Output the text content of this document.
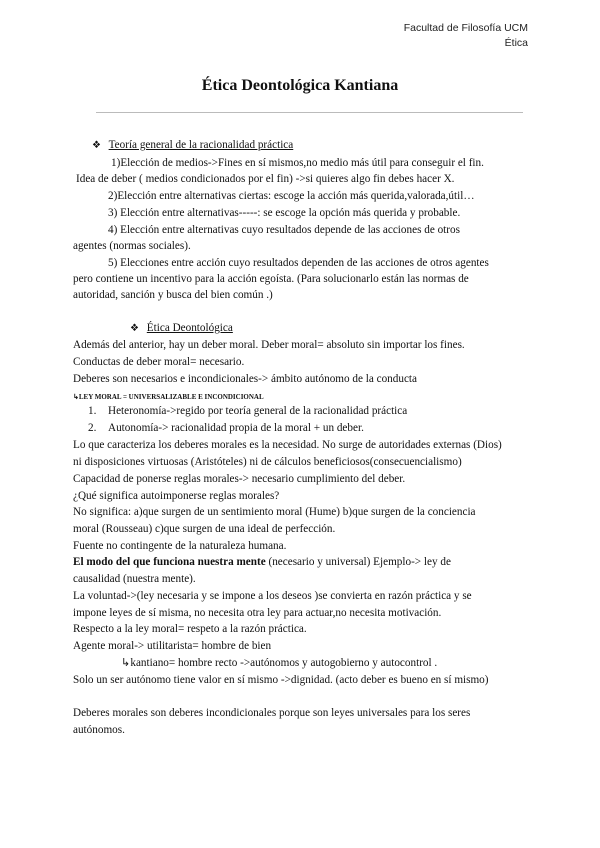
Facultad de Filosofía UCM
Ética
Ética Deontológica Kantiana
❖ Teoría general de la racionalidad práctica
1)Elección de medios->Fines en sí mismos,no medio más útil para conseguir el fin.
Idea de deber ( medios condicionados por el fin) ->si quieres algo fin debes hacer X.
2)Elección entre alternativas ciertas: escoge la acción más querida,valorada,útil…
3) Elección entre alternativas-----: se escoge la opción más querida y probable.
4) Elección entre alternativas cuyo resultados depende de las acciones de otros
agentes (normas sociales).
5) Elecciones entre acción cuyo resultados dependen de las acciones de otros agentes
pero contiene un incentivo para la acción egoísta. (Para solucionarlo están las normas de
autoridad, sanción y busca del bien común .)
❖ Ética Deontológica
Además del anterior, hay un deber moral. Deber moral= absoluto sin importar los fines.
Conductas de deber moral= necesario.
Deberes son necesarios e incondicionales-> ámbito autónomo de la conducta
↳LEY MORAL = UNIVERSALIZABLE E INCONDICIONAL
1. Heteronomía->regido por teoría general de la racionalidad práctica
2. Autonomía-> racionalidad propia de la moral + un deber.
Lo que caracteriza los deberes morales es la necesidad. No surge de autoridades externas (Dios)
ni disposiciones virtuosas (Aristóteles) ni de cálculos beneficiosos(consecuencialismo)
Capacidad de ponerse reglas morales-> necesario cumplimiento del deber.
¿Qué significa autoimponerse reglas morales?
No significa: a)que surgen de un sentimiento moral (Hume) b)que surgen de la conciencia
moral (Rousseau) c)que surgen de una ideal de perfección.
Fuente no contingente de la naturaleza humana.
El modo del que funciona nuestra mente (necesario y universal) Ejemplo-> ley de
causalidad (nuestra mente).
La voluntad->(ley necesaria y se impone a los deseos )se convierta en razón práctica y se
impone leyes de sí misma, no necesita otra ley para actuar,no necesita motivación.
Respecto a la ley moral= respeto a la razón práctica.
Agente moral-> utilitarista= hombre de bien
↳kantiano= hombre recto ->autónomos y autogobierno y autocontrol .
Solo un ser autónomo tiene valor en sí mismo ->dignidad. (acto deber es bueno en sí mismo)
Deberes morales son deberes incondicionales porque son leyes universales para los seres
autónomos.
